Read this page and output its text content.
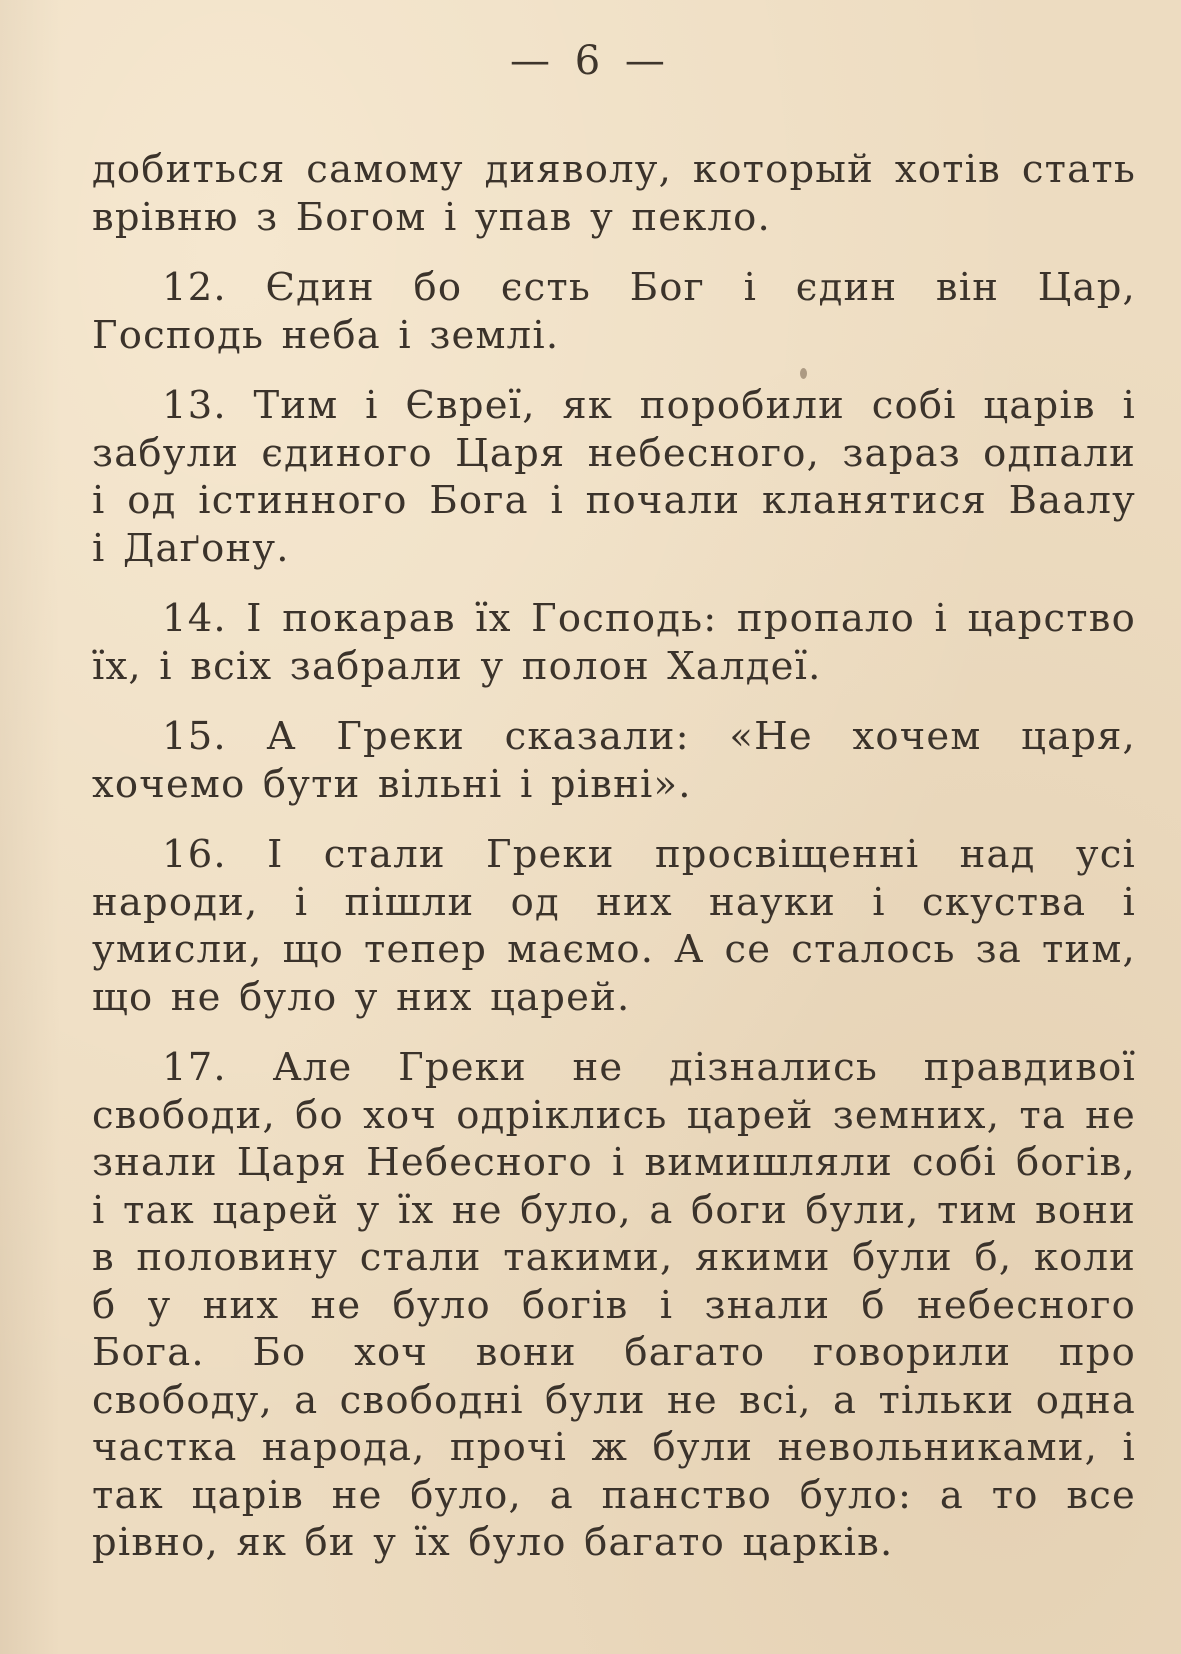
— 6 —

добиться самому дияволу, который хотів стать врівню з Богом і упав у пекло.

12. Єдин бо єсть Бог і єдин він Цар, Господь неба і землі.

13. Тим і Євреї, як поробили собі царів і забули єдиного Царя небесного, зараз одпали і од істинного Бога і почали кланятися Ваалу і Даґону.

14. І покарав їх Господь: пропало і царство їх, і всіх забрали у полон Халдеї.

15. А Греки сказали: «Не хочем царя, хочемо бути вільні і рівні».

16. І стали Греки просвіщенні над усі народи, і пішли од них науки і скуства і умисли, що тепер маємо. А се сталось за тим, що не було у них царей.

17. Але Греки не дізнались правдивої свободи, бо хоч одріклись царей земних, та не знали Царя Небесного і вимишляли собі богів, і так царей у їх не було, а боги були, тим вони в половину стали такими, якими були б, коли б у них не було богів і знали б небесного Бога. Бо хоч вони багато говорили про свободу, а свободні були не всі, а тільки одна частка народа, прочі ж були невольниками, і так царів не було, а панство було: а то все рівно, як би у їх було багато царків.
